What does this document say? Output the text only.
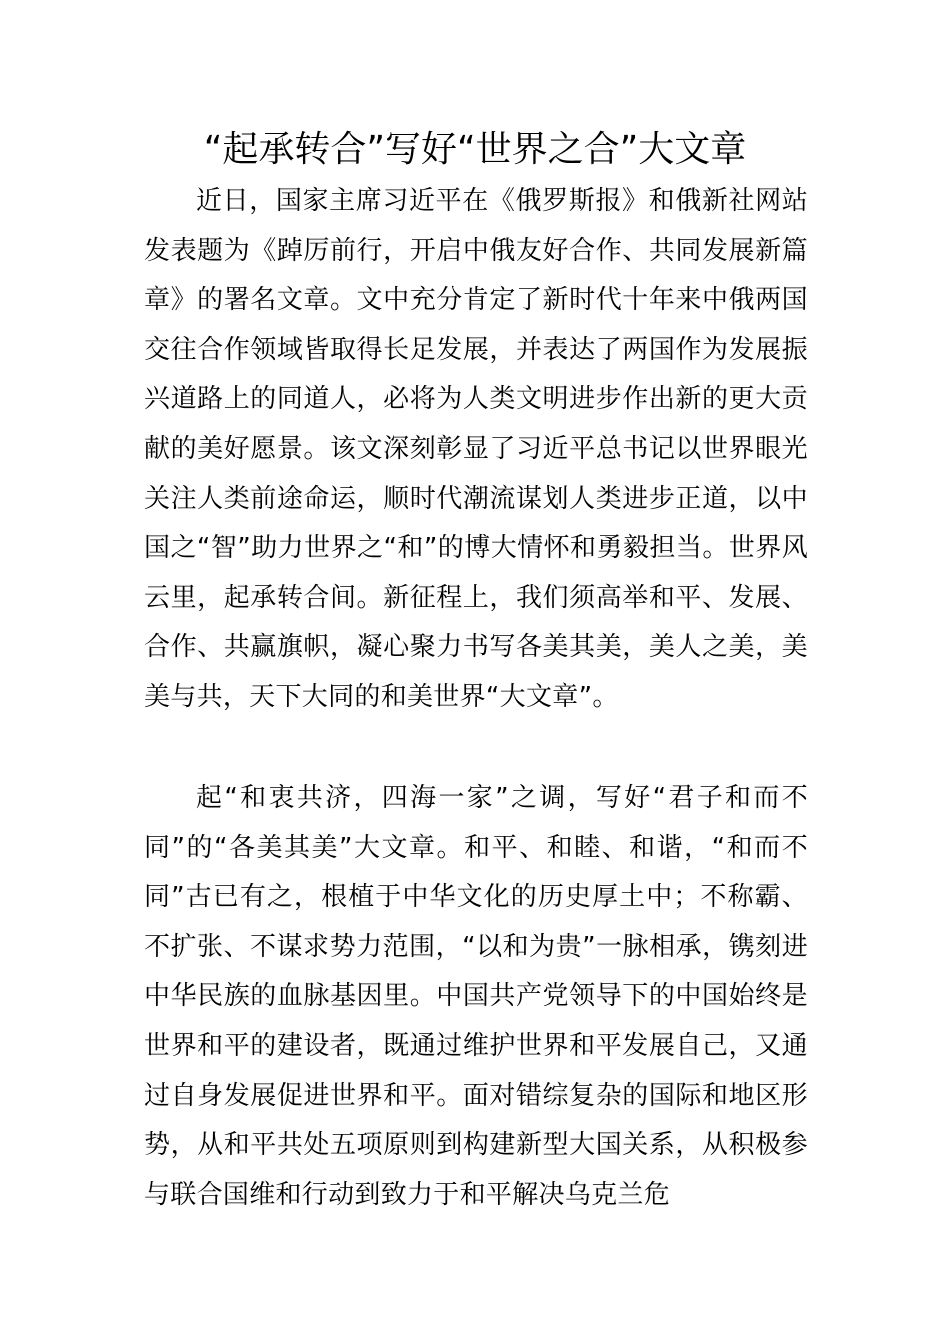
“起承转合”写好“世界之合”大文章

近日，国家主席习近平在《俄罗斯报》和俄新社网站发表题为《踔厉前行，开启中俄友好合作、共同发展新篇章》的署名文章。文中充分肯定了新时代十年来中俄两国交往合作领域皆取得长足发展，并表达了两国作为发展振兴道路上的同道人，必将为人类文明进步作出新的更大贡献的美好愿景。该文深刻彰显了习近平总书记以世界眼光关注人类前途命运，顺时代潮流谋划人类进步正道，以中国之“智”助力世界之“和”的博大情怀和勇毅担当。世界风云里，起承转合间。新征程上，我们须高举和平、发展、合作、共赢旗帜，凝心聚力书写各美其美，美人之美，美美与共，天下大同的和美世界“大文章”。

起“和衷共济，四海一家”之调，写好“君子和而不同”的“各美其美”大文章。和平、和睦、和谐，“和而不同”古已有之，根植于中华文化的历史厚土中；不称霸、不扩张、不谋求势力范围，“以和为贵”一脉相承，镌刻进中华民族的血脉基因里。中国共产党领导下的中国始终是世界和平的建设者，既通过维护世界和平发展自己，又通过自身发展促进世界和平。面对错综复杂的国际和地区形势，从和平共处五项原则到构建新型大国关系，从积极参与联合国维和行动到致力于和平解决乌克兰危
